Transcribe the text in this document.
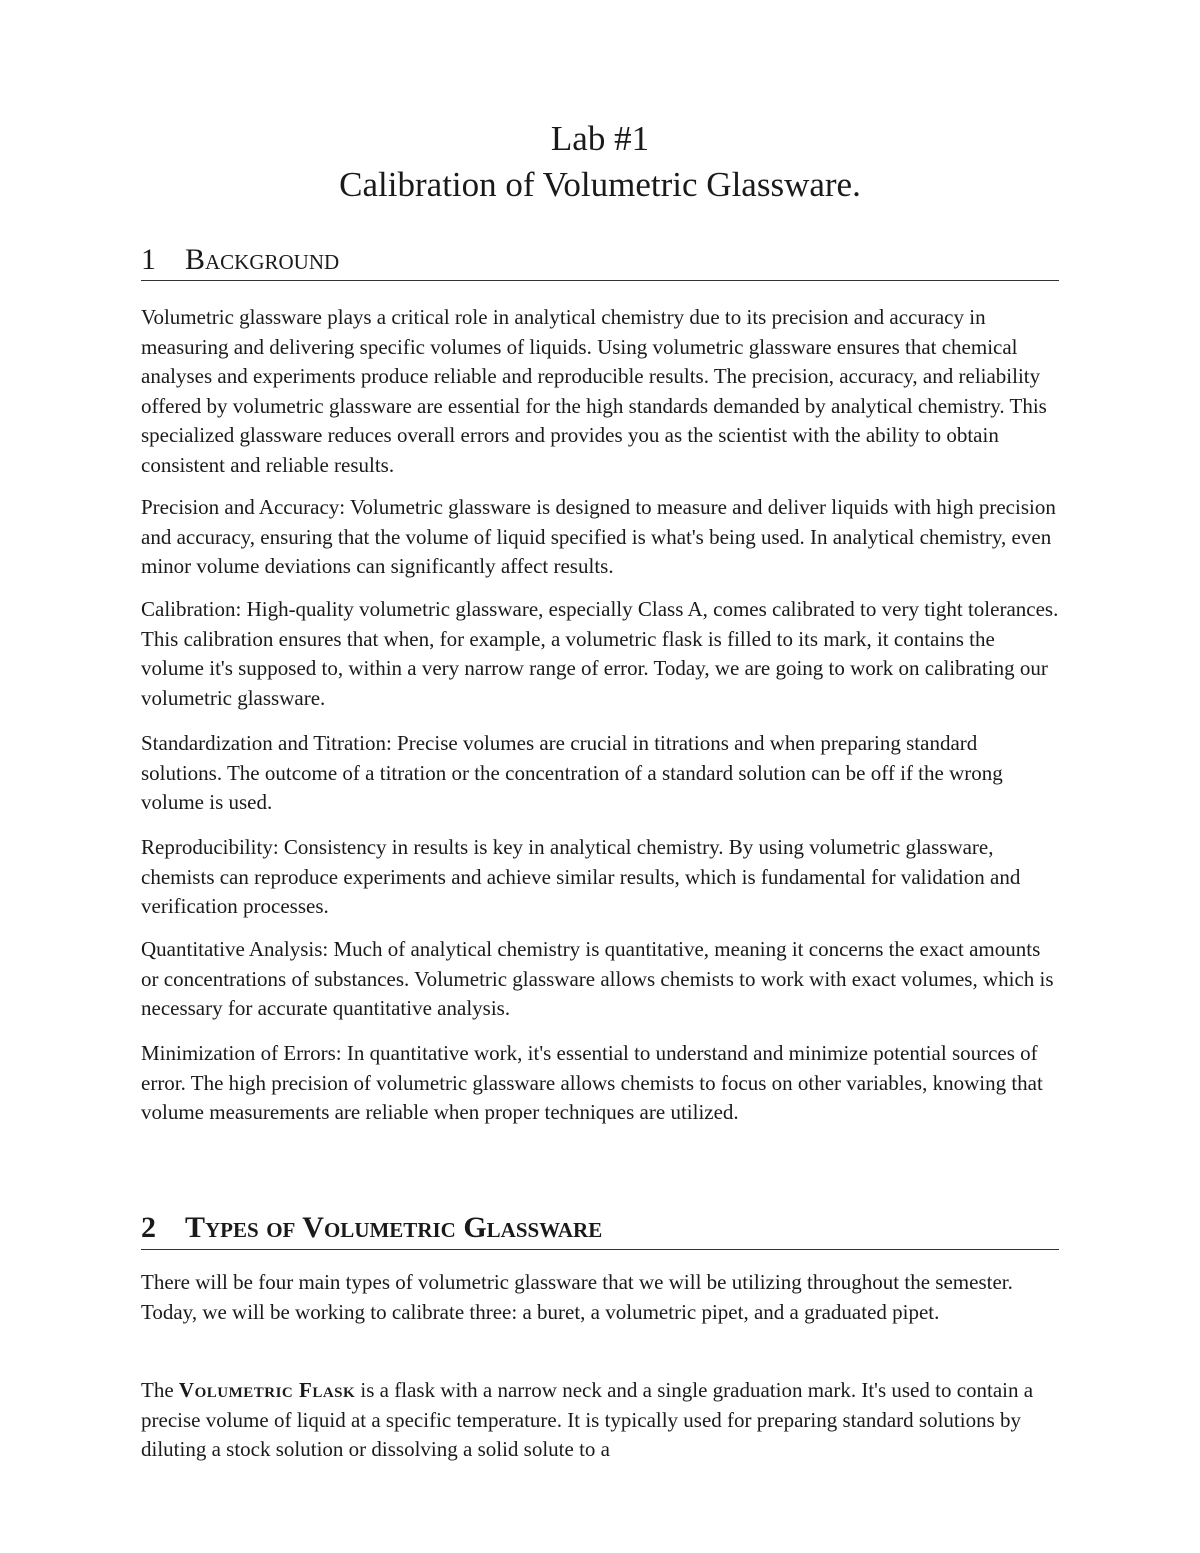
Lab #1
Calibration of Volumetric Glassware.
1 Background

Volumetric glassware plays a critical role in analytical chemistry due to its precision and accuracy in measuring and delivering specific volumes of liquids. Using volumetric glassware ensures that chemical analyses and experiments produce reliable and reproducible results. The precision, accuracy, and reliability offered by volumetric glassware are essential for the high standards demanded by analytical chemistry. This specialized glassware reduces overall errors and provides you as the scientist with the ability to obtain consistent and reliable results.

Precision and Accuracy: Volumetric glassware is designed to measure and deliver liquids with high precision and accuracy, ensuring that the volume of liquid specified is what's being used. In analytical chemistry, even minor volume deviations can significantly affect results.

Calibration: High-quality volumetric glassware, especially Class A, comes calibrated to very tight tolerances. This calibration ensures that when, for example, a volumetric flask is filled to its mark, it contains the volume it's supposed to, within a very narrow range of error. Today, we are going to work on calibrating our volumetric glassware.

Standardization and Titration: Precise volumes are crucial in titrations and when preparing standard solutions. The outcome of a titration or the concentration of a standard solution can be off if the wrong volume is used.

Reproducibility: Consistency in results is key in analytical chemistry. By using volumetric glassware, chemists can reproduce experiments and achieve similar results, which is fundamental for validation and verification processes.

Quantitative Analysis: Much of analytical chemistry is quantitative, meaning it concerns the exact amounts or concentrations of substances. Volumetric glassware allows chemists to work with exact volumes, which is necessary for accurate quantitative analysis.

Minimization of Errors: In quantitative work, it's essential to understand and minimize potential sources of error. The high precision of volumetric glassware allows chemists to focus on other variables, knowing that volume measurements are reliable when proper techniques are utilized.

2 Types of Volumetric Glassware

There will be four main types of volumetric glassware that we will be utilizing throughout the semester. Today, we will be working to calibrate three: a buret, a volumetric pipet, and a graduated pipet.

The Volumetric Flask is a flask with a narrow neck and a single graduation mark. It's used to contain a precise volume of liquid at a specific temperature. It is typically used for preparing standard solutions by diluting a stock solution or dissolving a solid solute to a
